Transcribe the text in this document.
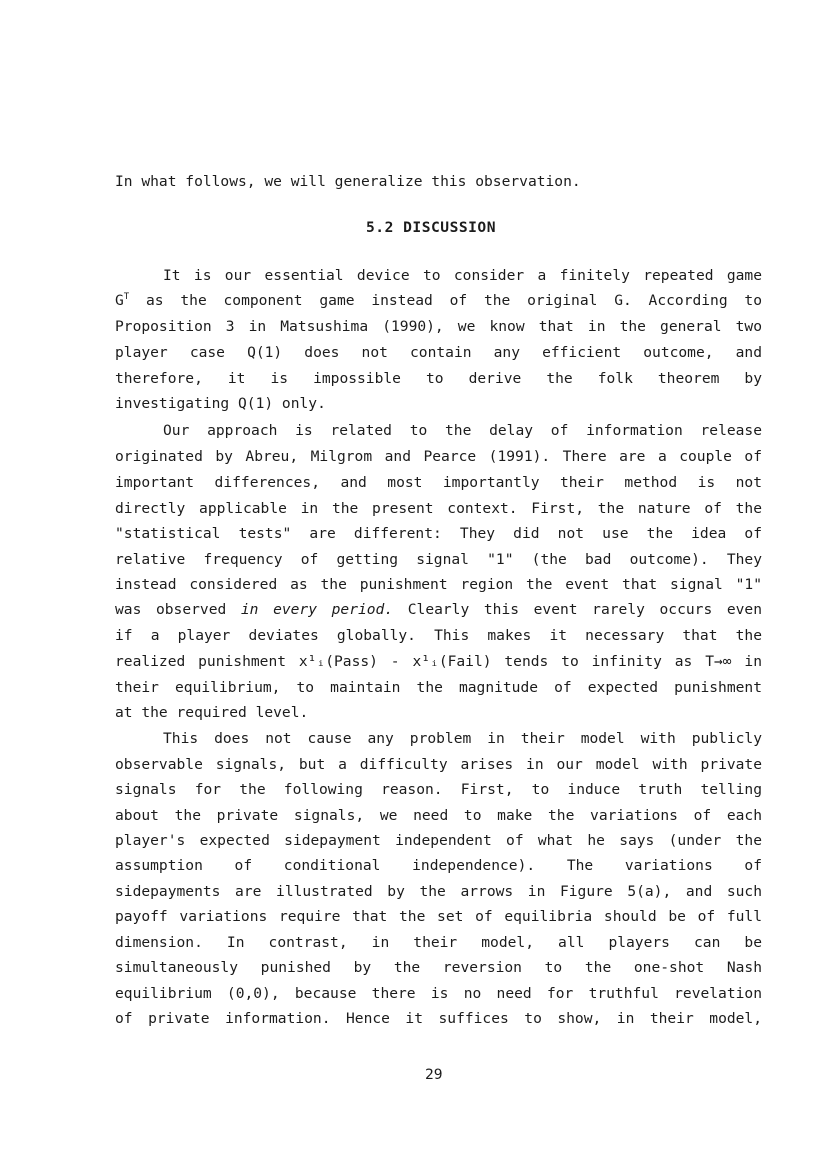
In what follows, we will generalize this observation.
5.2 DISCUSSION
It is our essential device to consider a finitely repeated game
$G^T$ as the component game instead of the original G. According to
Proposition 3 in Matsushima (1990), we know that in the general two
player case Q(1) does not contain any efficient outcome, and
therefore, it is impossible to derive the folk theorem by
investigating Q(1) only.
Our approach is related to the delay of information release
originated by Abreu, Milgrom and Pearce (1991). There are a couple of
important differences, and most importantly their method is not
directly applicable in the present context. First, the nature of the
"statistical tests" are different: They did not use the idea of
relative frequency of getting signal "1" (the bad outcome). They
instead considered as the punishment region the event that signal "1"
was observed in every period. Clearly this event rarely occurs even
if a player deviates globally. This makes it necessary that the
realized punishment x¹ᵢ(Pass) - x¹ᵢ(Fail) tends to infinity as T→∞ in
their equilibrium, to maintain the magnitude of expected punishment
at the required level.
This does not cause any problem in their model with publicly
observable signals, but a difficulty arises in our model with private
signals for the following reason. First, to induce truth telling
about the private signals, we need to make the variations of each
player's expected sidepayment independent of what he says (under the
assumption of conditional independence). The variations of
sidepayments are illustrated by the arrows in Figure 5(a), and such
payoff variations require that the set of equilibria should be of full
dimension. In contrast, in their model, all players can be
simultaneously punished by the reversion to the one-shot Nash
equilibrium (0,0), because there is no need for truthful revelation
of private information. Hence it suffices to show, in their model,
29
